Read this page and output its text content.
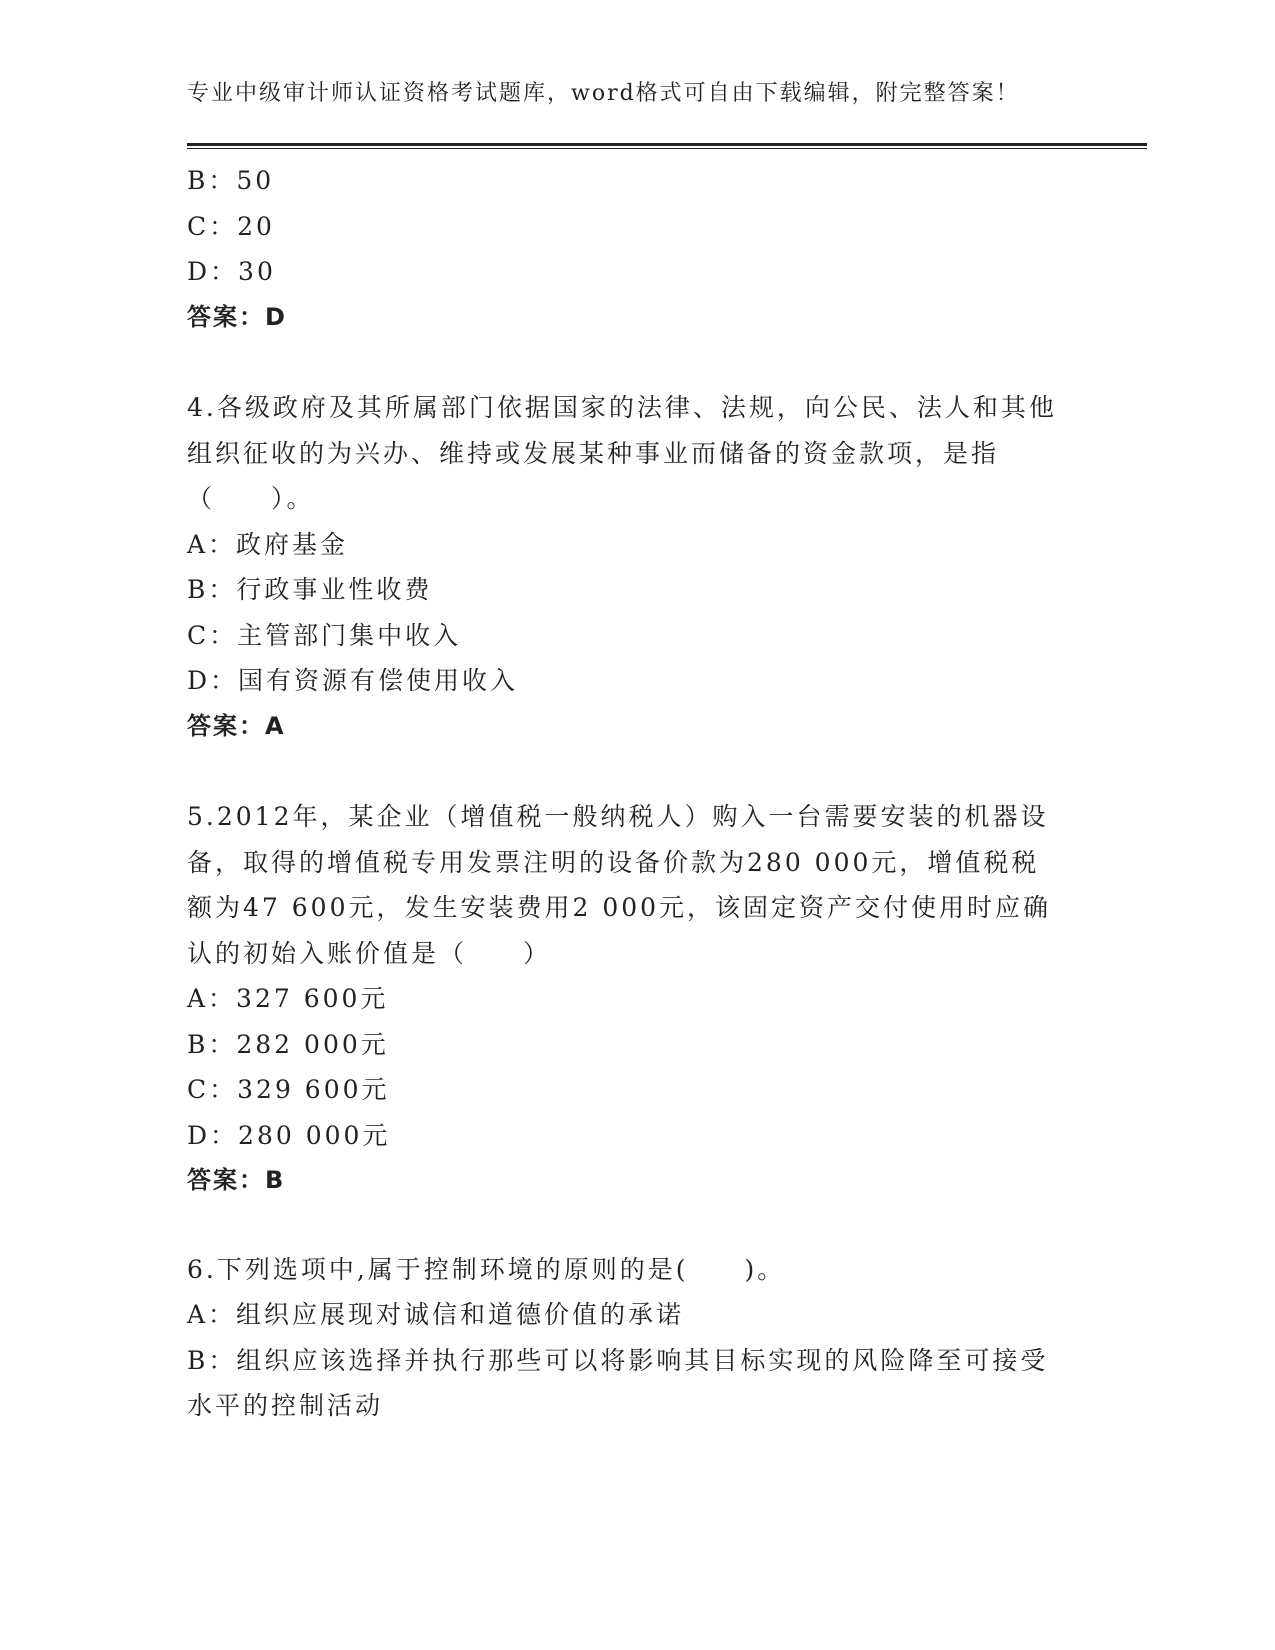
专业中级审计师认证资格考试题库，word格式可自由下载编辑，附完整答案！

B：50

C：20

D：30

答案：D

4.各级政府及其所属部门依据国家的法律、法规，向公民、法人和其他组织征收的为兴办、维持或发展某种事业而储备的资金款项，是指（　　）。

A：政府基金

B：行政事业性收费

C：主管部门集中收入

D：国有资源有偿使用收入

答案：A

5.2012年，某企业（增值税一般纳税人）购入一台需要安装的机器设备，取得的增值税专用发票注明的设备价款为280 000元，增值税税额为47 600元，发生安装费用2 000元，该固定资产交付使用时应确认的初始入账价值是（　　）

A：327 600元

B：282 000元

C：329 600元

D：280 000元

答案：B

6.下列选项中,属于控制环境的原则的是(　　)。

A：组织应展现对诚信和道德价值的承诺

B：组织应该选择并执行那些可以将影响其目标实现的风险降至可接受水平的控制活动
